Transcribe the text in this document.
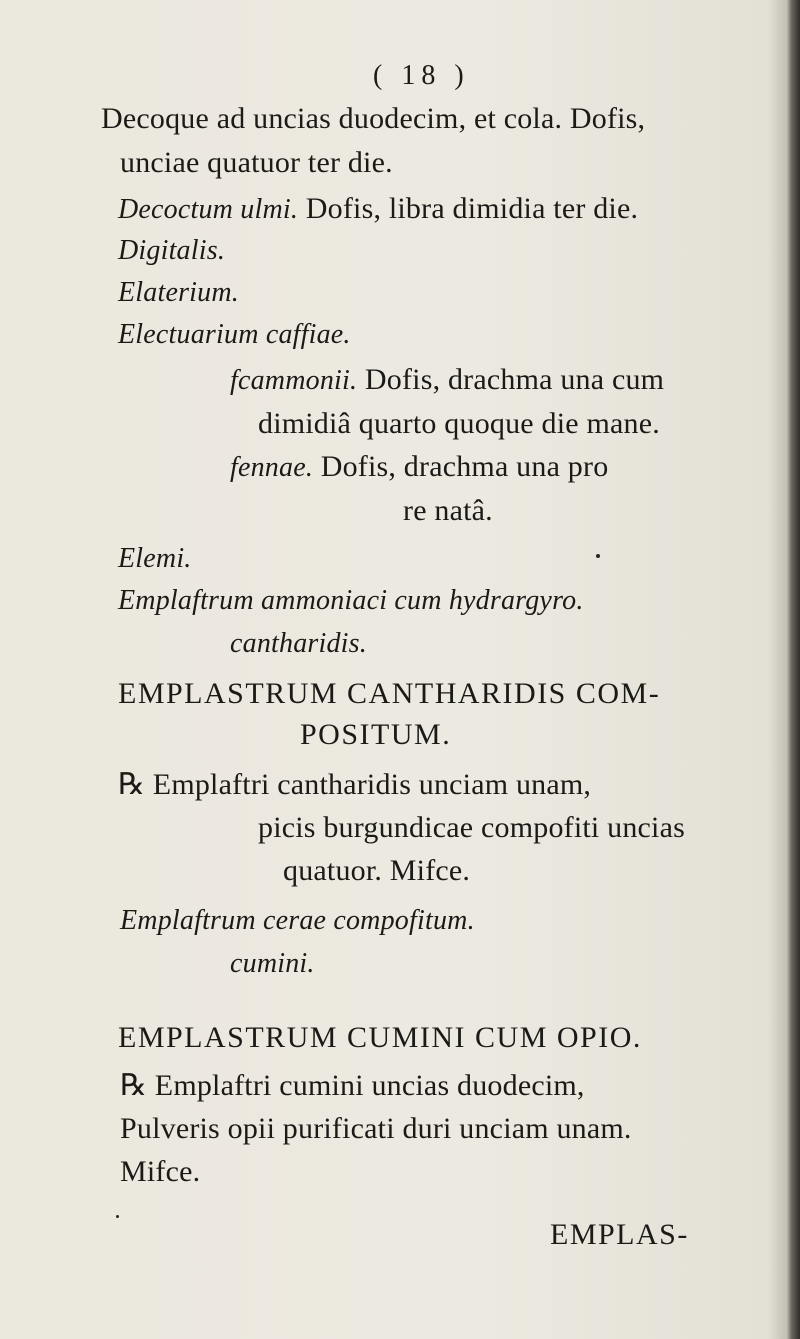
( 18 )
Decoque ad uncias duodecim, et cola. Dofis,
unciae quatuor ter die.
Decoctum ulmi. Dofis, libra dimidia ter die.
Digitalis.
Elaterium.
Electuarium caffiae.
fcammonii. Dofis, drachma una cum
dimidiâ quarto quoque die mane.
fennae. Dofis, drachma una pro
re natâ.
Elemi.
Emplaftrum ammoniaci cum hydrargyro.
cantharidis.
EMPLASTRUM CANTHARIDIS COM-
POSITUM.
℞ Emplaftri cantharidis unciam unam,
picis burgundicae compofiti uncias
quatuor. Mifce.
Emplaftrum cerae compofitum.
cumini.
EMPLASTRUM CUMINI CUM OPIO.
℞ Emplaftri cumini uncias duodecim,
Pulveris opii purificati duri unciam unam.
Mifce.
EMPLAS-
